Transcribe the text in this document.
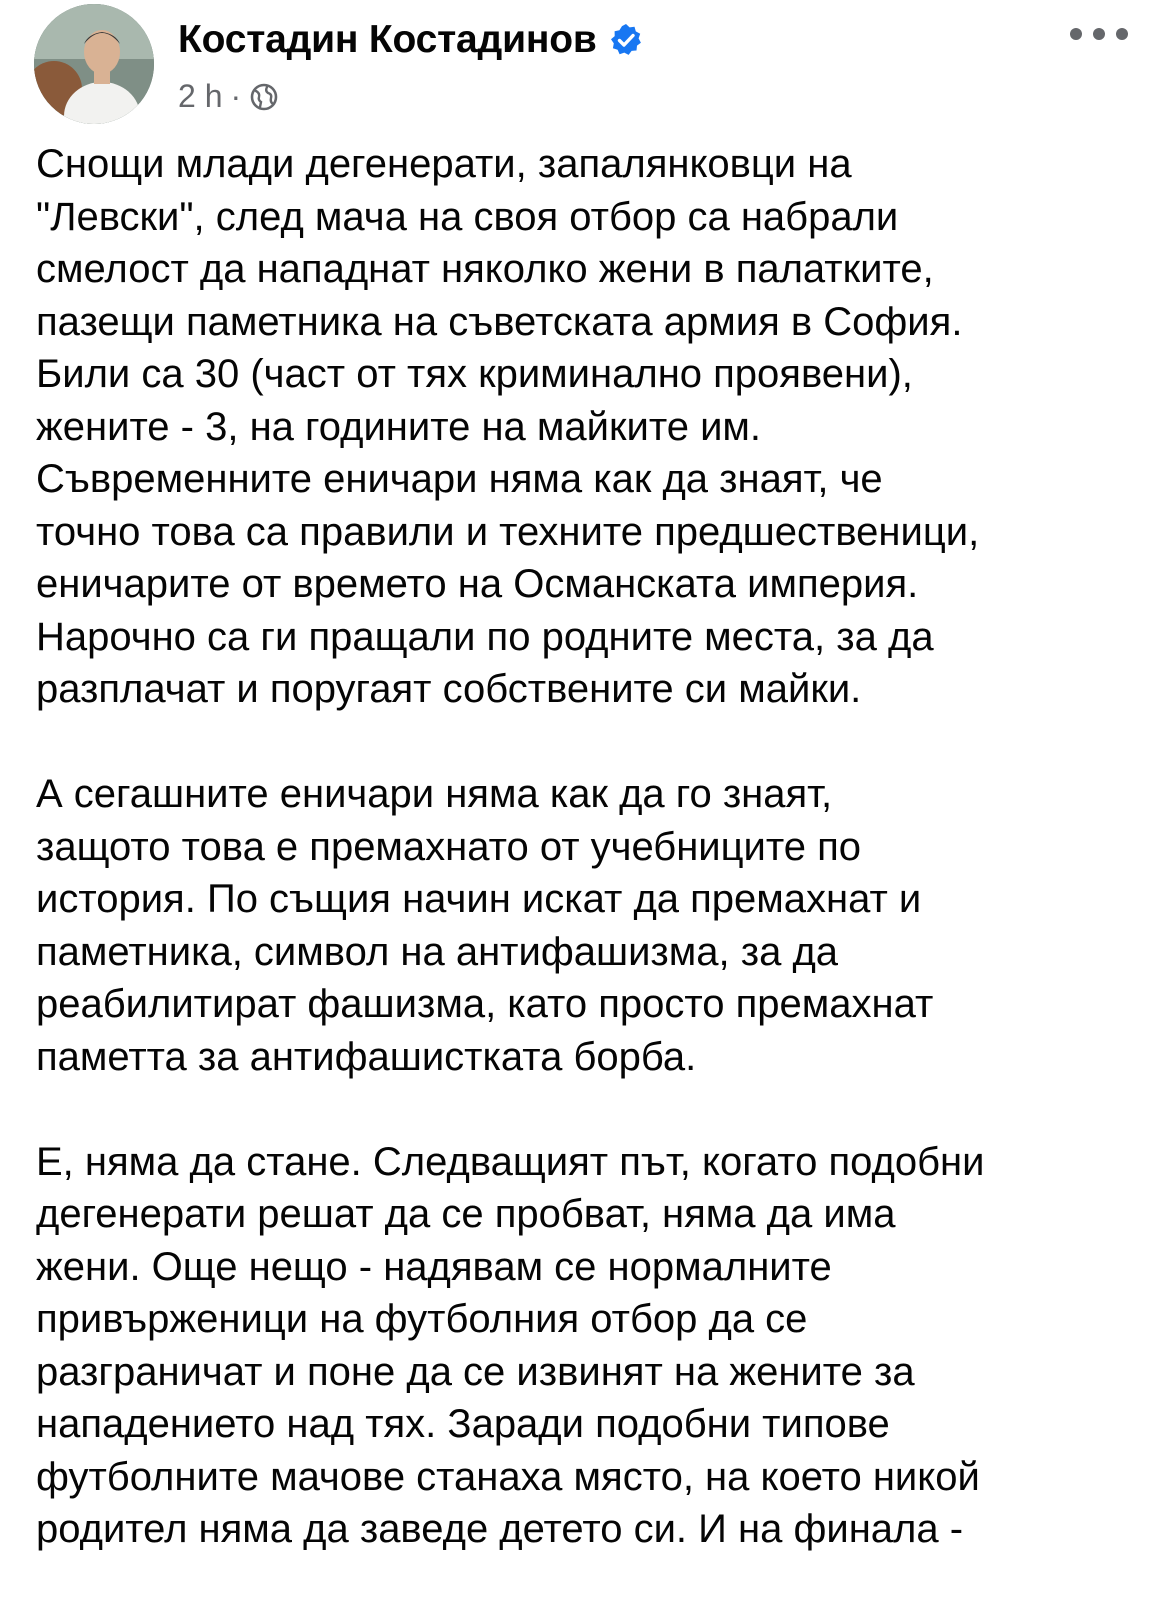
Костадин Костадинов
2 h ·

Снощи млади дегенерати, запалянковци на
"Левски", след мача на своя отбор са набрали
смелост да нападнат няколко жени в палатките,
пазещи паметника на съветската армия в София.
Били са 30 (част от тях криминално проявени),
жените - 3, на годините на майките им.
Съвременните еничари няма как да знаят, че
точно това са правили и техните предшественици,
еничарите от времето на Османската империя.
Нарочно са ги пращали по родните места, за да
разплачат и поругаят собствените си майки.

А сегашните еничари няма как да го знаят,
защото това е премахнато от учебниците по
история. По същия начин искат да премахнат и
паметника, символ на антифашизма, за да
реабилитират фашизма, като просто премахнат
паметта за антифашистката борба.

Е, няма да стане. Следващият път, когато подобни
дегенерати решат да се пробват, няма да има
жени. Още нещо - надявам се нормалните
привърженици на футболния отбор да се
разграничат и поне да се извинят на жените за
нападението над тях. Заради подобни типове
футболните мачове станаха място, на което никой
родител няма да заведе детето си. И на финала -
